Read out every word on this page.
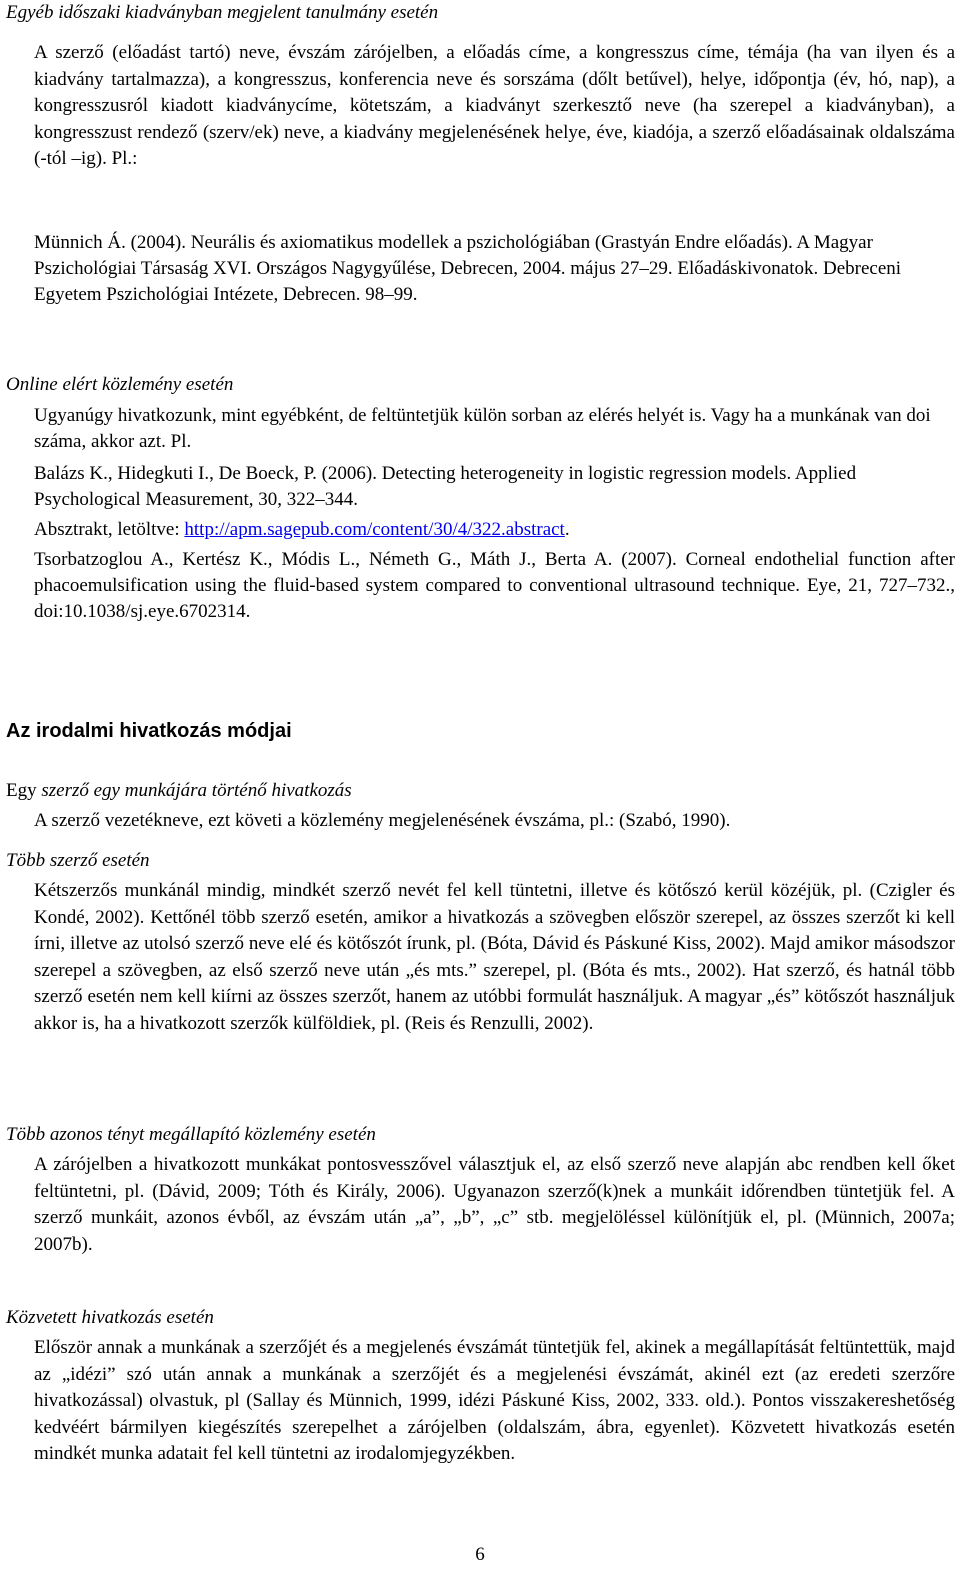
Egyéb időszaki kiadványban megjelent tanulmány esetén

A szerző (előadást tartó) neve, évszám zárójelben, a előadás címe, a kongresszus címe, témája (ha van ilyen és a kiadvány tartalmazza), a kongresszus, konferencia neve és sorszáma (dőlt betűvel), helye, időpontja (év, hó, nap), a kongresszusról kiadott kiadványcíme, kötetszám, a kiadványt szerkesztő neve (ha szerepel a kiadványban), a kongresszust rendező (szerv/ek) neve, a kiadvány megjelenésének helye, éve, kiadója, a szerző előadásainak oldalszáma (-tól –ig). Pl.:

Münnich Á. (2004). Neurális és axiomatikus modellek a pszichológiában (Grastyán Endre előadás). A Magyar Pszichológiai Társaság XVI. Országos Nagygyűlése, Debrecen, 2004. május 27–29. Előadáskivonatok. Debreceni Egyetem Pszichológiai Intézete, Debrecen. 98–99.

Online elért közlemény esetén

Ugyanúgy hivatkozunk, mint egyébként, de feltüntetjük külön sorban az elérés helyét is. Vagy ha a munkának van doi száma, akkor azt. Pl.

Balázs K., Hidegkuti I., De Boeck, P. (2006). Detecting heterogeneity in logistic regression models. Applied Psychological Measurement, 30, 322–344.

Absztrakt, letöltve: http://apm.sagepub.com/content/30/4/322.abstract.

Tsorbatzoglou A., Kertész K., Módis L., Németh G., Máth J., Berta A. (2007). Corneal endothelial function after phacoemulsification using the fluid-based system compared to conventional ultrasound technique. Eye, 21, 727–732., doi:10.1038/sj.eye.6702314.

Az irodalmi hivatkozás módjai

Egy szerző egy munkájára történő hivatkozás

A szerző vezetékneve, ezt követi a közlemény megjelenésének évszáma, pl.: (Szabó, 1990).

Több szerző esetén

Kétszerzős munkánál mindig, mindkét szerző nevét fel kell tüntetni, illetve és kötőszó kerül közéjük, pl. (Czigler és Kondé, 2002). Kettőnél több szerző esetén, amikor a hivatkozás a szövegben először szerepel, az összes szerzőt ki kell írni, illetve az utolsó szerző neve elé és kötőszót írunk, pl. (Bóta, Dávid és Páskuné Kiss, 2002). Majd amikor másodszor szerepel a szövegben, az első szerző neve után „és mts.” szerepel, pl. (Bóta és mts., 2002). Hat szerző, és hatnál több szerző esetén nem kell kiírni az összes szerzőt, hanem az utóbbi formulát használjuk. A magyar „és” kötőszót használjuk akkor is, ha a hivatkozott szerzők külföldiek, pl. (Reis és Renzulli, 2002).

Több azonos tényt megállapító közlemény esetén

A zárójelben a hivatkozott munkákat pontosvesszővel választjuk el, az első szerző neve alapján abc rendben kell őket feltüntetni, pl. (Dávid, 2009; Tóth és Király, 2006). Ugyanazon szerző(k)nek a munkáit időrendben tüntetjük fel. A szerző munkáit, azonos évből, az évszám után „a”, „b”, „c” stb. megjelöléssel különítjük el, pl. (Münnich, 2007a; 2007b).

Közvetett hivatkozás esetén

Először annak a munkának a szerzőjét és a megjelenés évszámát tüntetjük fel, akinek a megállapítását feltüntettük, majd az „idézi” szó után annak a munkának a szerzőjét és a megjelenési évszámát, akinél ezt (az eredeti szerzőre hivatkozással) olvastuk, pl (Sallay és Münnich, 1999, idézi Páskuné Kiss, 2002, 333. old.). Pontos visszakereshetőség kedvéért bármilyen kiegészítés szerepelhet a zárójelben (oldalszám, ábra, egyenlet). Közvetett hivatkozás esetén mindkét munka adatait fel kell tüntetni az irodalomjegyzékben.

6
